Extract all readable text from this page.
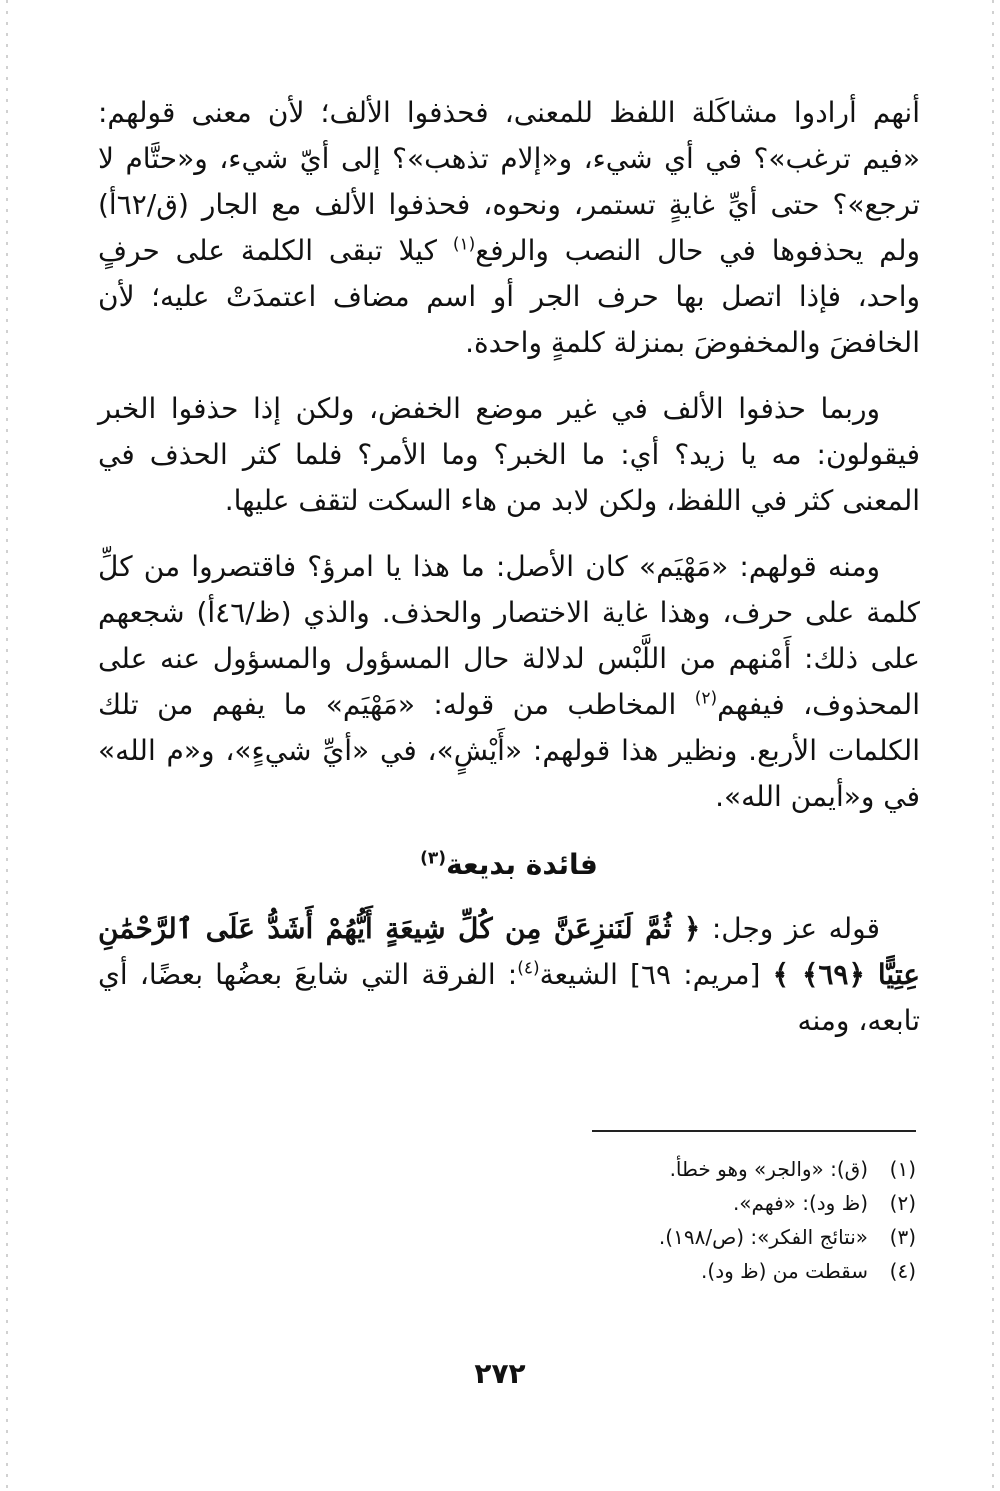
أنهم أرادوا مشاكَلة اللفظ للمعنى، فحذفوا الألف؛ لأن معنى قولهم: «فيم ترغب»؟ في أي شيء، و«إلام تذهب»؟ إلى أيّ شيء، و«حتَّام لا ترجع»؟ حتى أيِّ غايةٍ تستمر، ونحوه، فحذفوا الألف مع الجار (ق/٦٢أ) ولم يحذفوها في حال النصب والرفع$^{(١)}$ كيلا تبقى الكلمة على حرفٍ واحد، فإذا اتصل بها حرف الجر أو اسم مضاف اعتمدَتْ عليه؛ لأن الخافضَ والمخفوضَ بمنزلة كلمةٍ واحدة.

وربما حذفوا الألف في غير موضع الخفض، ولكن إذا حذفوا الخبر فيقولون: مه يا زيد؟ أي: ما الخبر؟ وما الأمر؟ فلما كثر الحذف في المعنى كثر في اللفظ، ولكن لابد من هاء السكت لتقف عليها.

ومنه قولهم: «مَهْيَم» كان الأصل: ما هذا يا امرؤ؟ فاقتصروا من كلِّ كلمة على حرف، وهذا غاية الاختصار والحذف. والذي (ظ/٤٦أ) شجعهم على ذلك: أَمْنهم من اللَّبْس لدلالة حال المسؤول والمسؤول عنه على المحذوف، فيفهم$^{(٢)}$ المخاطب من قوله: «مَهْيَم» ما يفهم من تلك الكلمات الأربع. ونظير هذا قولهم: «أَيْشٍ»، في «أيِّ شيءٍ»، و«م الله» في و«أيمن الله».

فائدة بديعة$^{(٣)}$

قوله عز وجل: ﴿ ثُمَّ لَنَنزِعَنَّ مِن كُلِّ شِيعَةٍ أَيُّهُمْ أَشَدُّ عَلَى ٱلرَّحْمَٰنِ عِتِيًّا ﴿٦٩﴾ ﴾ [مريم: ٦٩] الشيعة$^{(٤)}$: الفرقة التي شايعَ بعضُها بعضًا، أي تابعه، ومنه

(١)(ق): «والجر» وهو خطأ.
(٢)(ظ ود): «فهم».
(٣)«نتائج الفكر»: (ص/١٩٨).
(٤)سقطت من (ظ ود).
٢٧٢
